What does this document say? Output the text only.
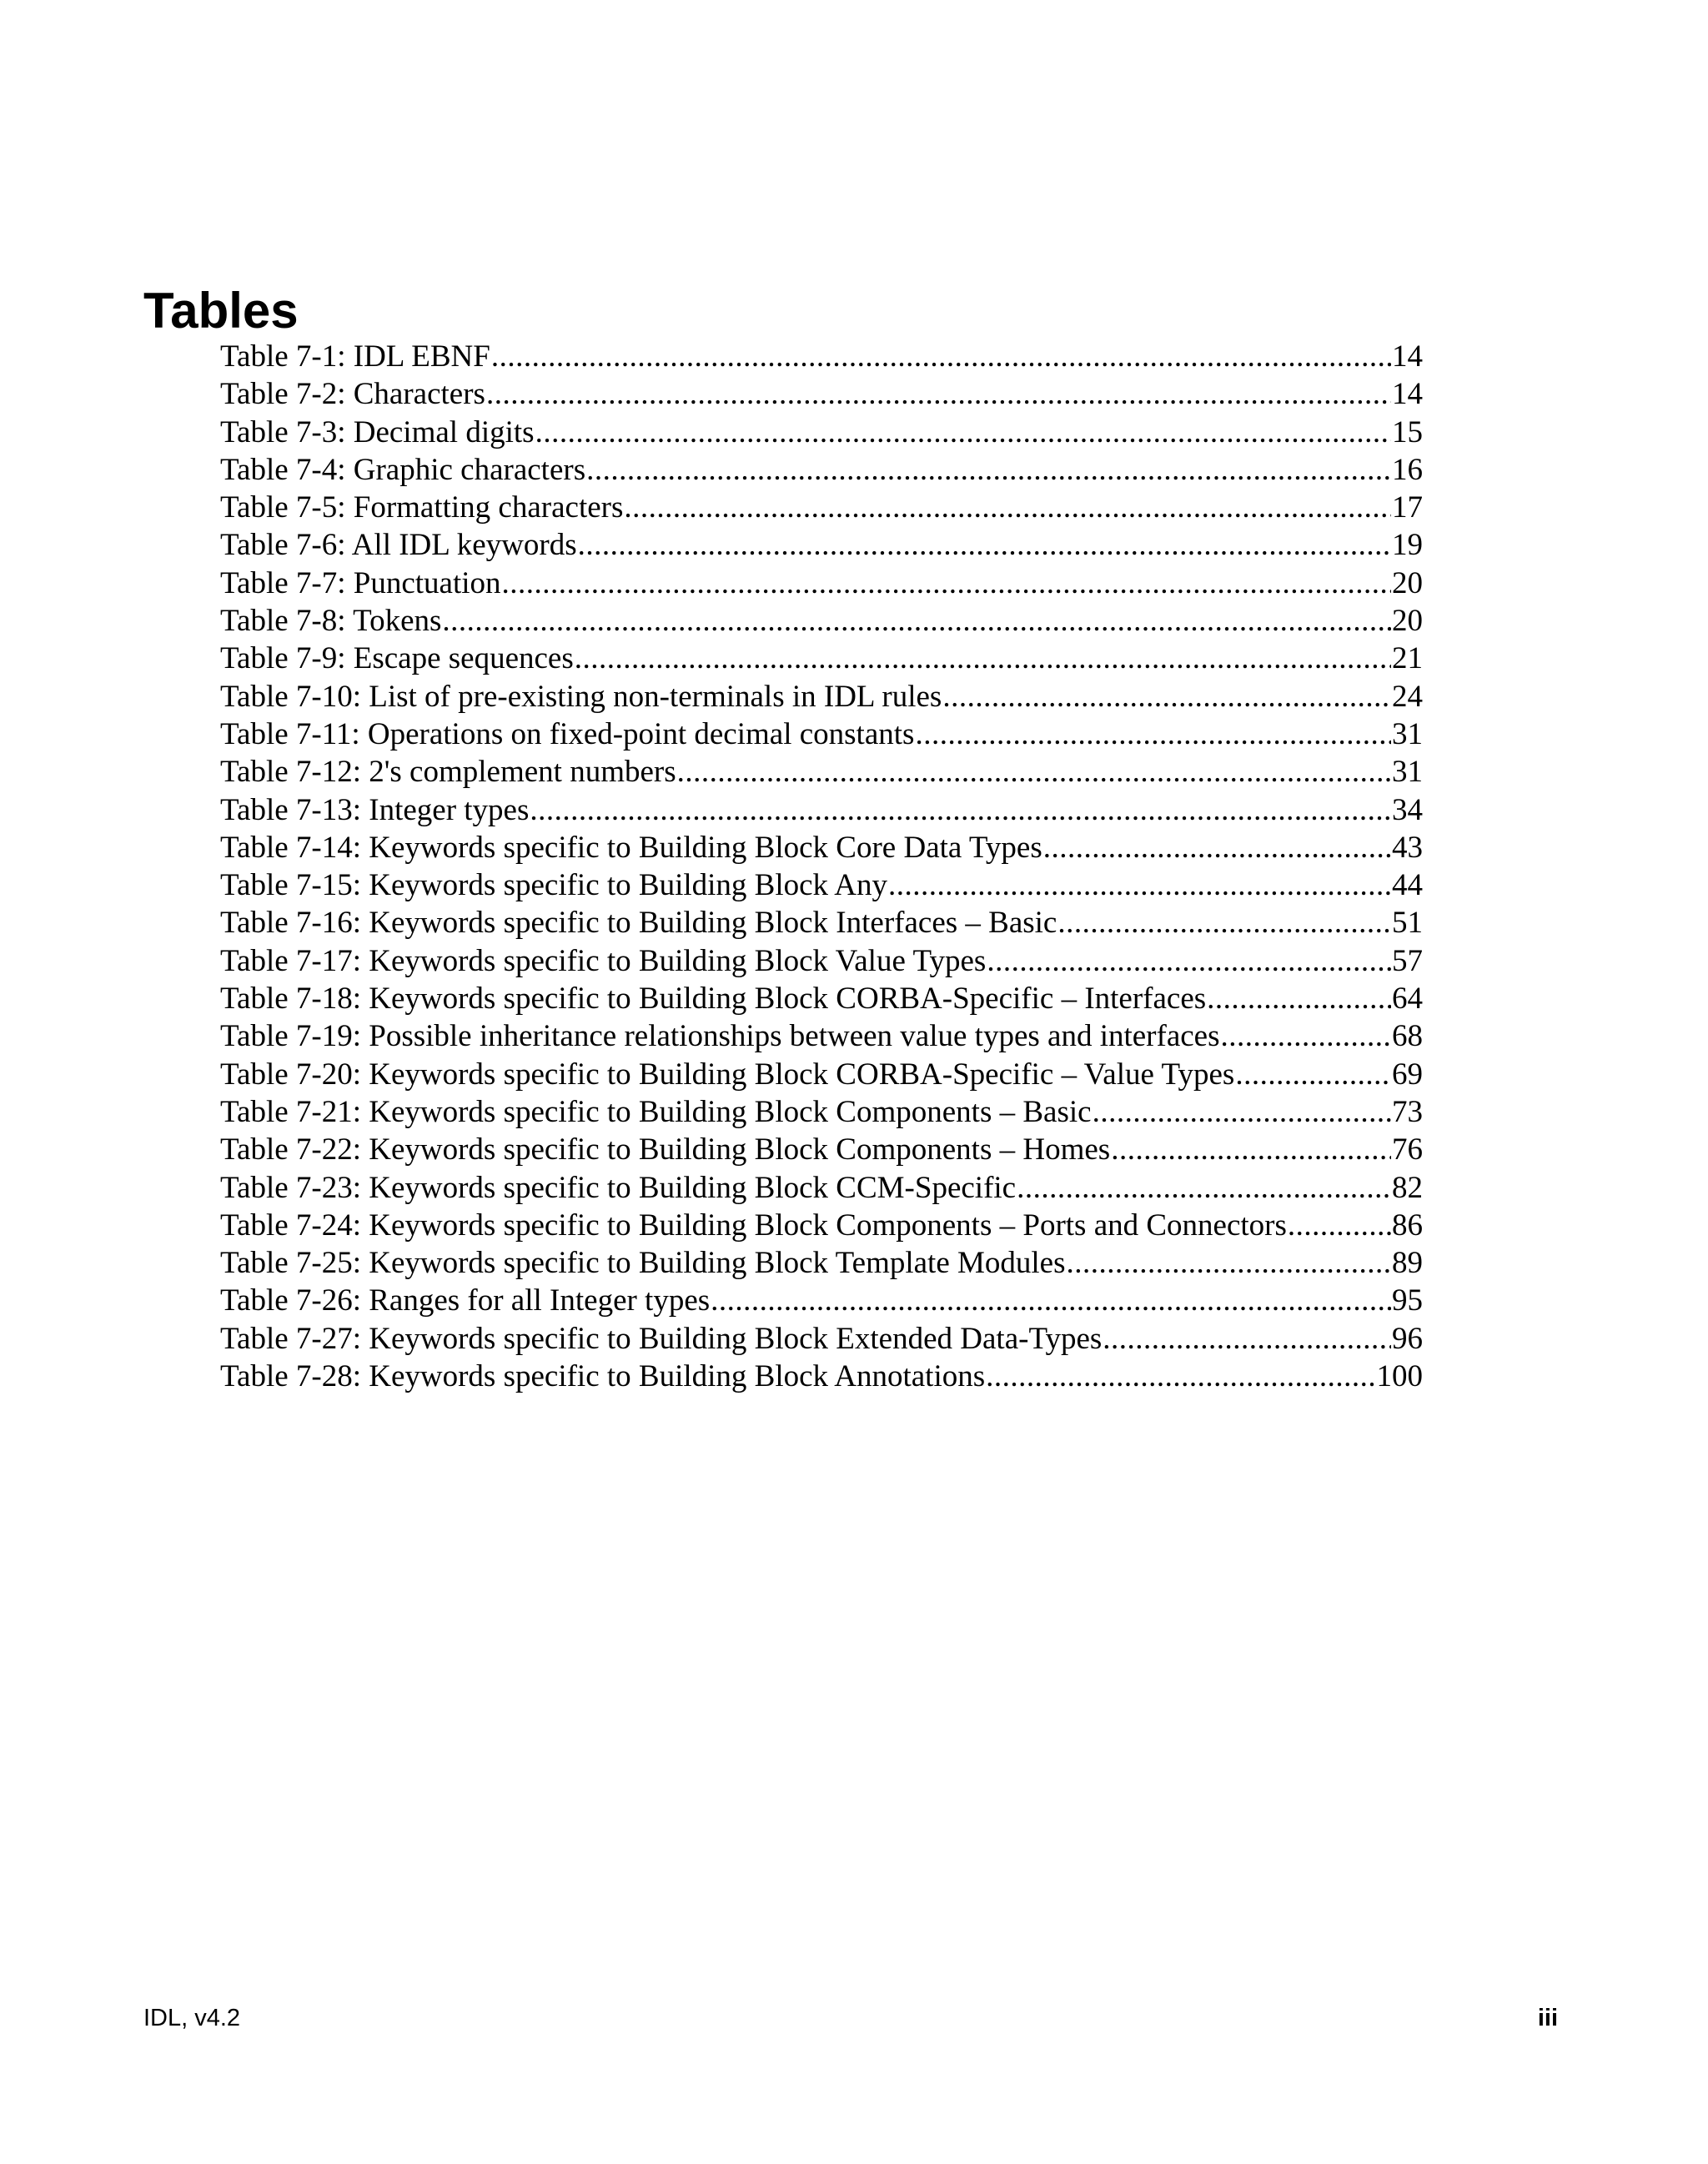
Tables
Table 7-1: IDL EBNF .....	14
Table 7-2: Characters .....	14
Table 7-3: Decimal digits .....	15
Table 7-4: Graphic characters .....	16
Table 7-5: Formatting characters .....	17
Table 7-6: All IDL keywords .....	19
Table 7-7: Punctuation .....	20
Table 7-8: Tokens .....	20
Table 7-9: Escape sequences .....	21
Table 7-10: List of pre-existing non-terminals in IDL rules .....	24
Table 7-11: Operations on fixed-point decimal constants .....	31
Table 7-12: 2's complement numbers .....	31
Table 7-13: Integer types .....	34
Table 7-14: Keywords specific to Building Block Core Data Types .....	43
Table 7-15: Keywords specific to Building Block Any .....	44
Table 7-16: Keywords specific to Building Block Interfaces – Basic .....	51
Table 7-17: Keywords specific to Building Block Value Types .....	57
Table 7-18: Keywords specific to Building Block CORBA-Specific – Interfaces .....	64
Table 7-19: Possible inheritance relationships between value types and interfaces .....	68
Table 7-20: Keywords specific to Building Block CORBA-Specific – Value Types .....	69
Table 7-21: Keywords specific to Building Block Components – Basic .....	73
Table 7-22: Keywords specific to Building Block Components – Homes .....	76
Table 7-23: Keywords specific to Building Block CCM-Specific .....	82
Table 7-24: Keywords specific to Building Block Components – Ports and Connectors .....	86
Table 7-25: Keywords specific to Building Block Template Modules .....	89
Table 7-26: Ranges for all Integer types .....	95
Table 7-27: Keywords specific to Building Block Extended Data-Types .....	96
Table 7-28: Keywords specific to Building Block Annotations .....	100
IDL, v4.2	iii
